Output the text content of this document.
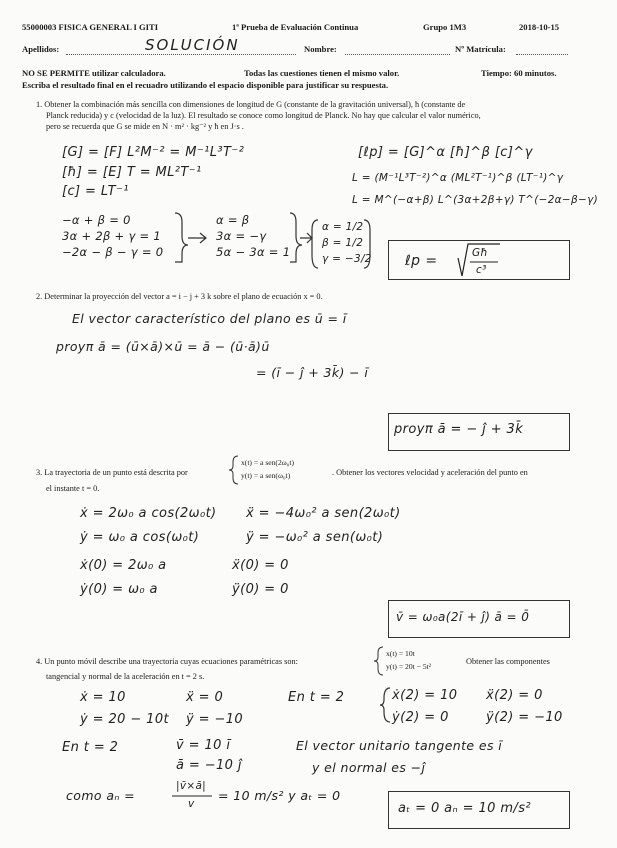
55000003 FISICA GENERAL I GITI	1ª Prueba de Evaluación Continua	Grupo 1M3	2018-10-15
Apellidos:	SOLUCIÓN	Nombre:	Nº Matrícula:
NO SE PERMITE utilizar calculadora.	Todas las cuestiones tienen el mismo valor.	Tiempo: 60 minutos.
Escriba el resultado final en el recuadro utilizando el espacio disponible para justificar su respuesta.
1. Obtener la combinación más sencilla con dimensiones de longitud de G (constante de la gravitación universal), ħ (constante de
Planck reducida) y c (velocidad de la luz). El resultado se conoce como longitud de Planck. No hay que calcular el valor numérico,
pero se recuerda que G se mide en N · m² · kg⁻² y ħ en J·s .
[G] = [F] L²M⁻² = M⁻¹L³T⁻²
[ħ] = [E] T = ML²T⁻¹
[c] = LT⁻¹
[ℓp] = [G]^α [ħ]^β [c]^γ
L = (M⁻¹L³T⁻²)^α (ML²T⁻¹)^β (LT⁻¹)^γ
L = M^(−α+β) L^(3α+2β+γ) T^(−2α−β−γ)
−α + β = 0
3α + 2β + γ = 1
−2α − β − γ = 0
α = β
3α = −γ
5α − 3α = 1
α = 1/2
β = 1/2
γ = −3/2 ℓp =	Għ
c³
2. Determinar la proyección del vector a = i − j + 3 k sobre el plano de ecuación x = 0.
El vector característico del plano es ū = ī
proyπ ā = (ū×ā)×ū = ā − (ū·ā)ū
= (ī − ĵ + 3k̄) − ī
proyπ ā = − ĵ + 3k̄
3. La trayectoria de un punto está descrita por
x(t) = a sen(2ω₀t)
y(t) = a sen(ω₀t)	. Obtener los vectores velocidad y aceleración del punto en
el instante t = 0.
ẋ = 2ω₀ a cos(2ω₀t)
ẏ = ω₀ a cos(ω₀t)
ẋ(0) = 2ω₀ a
ẏ(0) = ω₀ a
ẍ = −4ω₀² a sen(2ω₀t)
ÿ = −ω₀² a sen(ω₀t)
ẍ(0) = 0
ÿ(0) = 0
v̄ = ω₀a(2ī + ĵ) ā = 0̄
4. Un punto móvil describe una trayectoria cuyas ecuaciones paramétricas son:
x(t) = 10t
y(t) = 20t − 5t²
Obtener las componentes
tangencial y normal de la aceleración en t = 2 s.
ẋ = 10
ẏ = 20 − 10t
ẍ = 0
ÿ = −10
En t = 2	ẋ(2) = 10
ẏ(2) = 0
ẍ(2) = 0
ÿ(2) = −10
En t = 2	v̄ = 10 ī
ā = −10 ĵ
El vector unitario tangente es ī
y el normal es −ĵ
como aₙ =
|v̄×ā|
v
= 10 m/s² y aₜ = 0
aₜ = 0 aₙ = 10 m/s²
